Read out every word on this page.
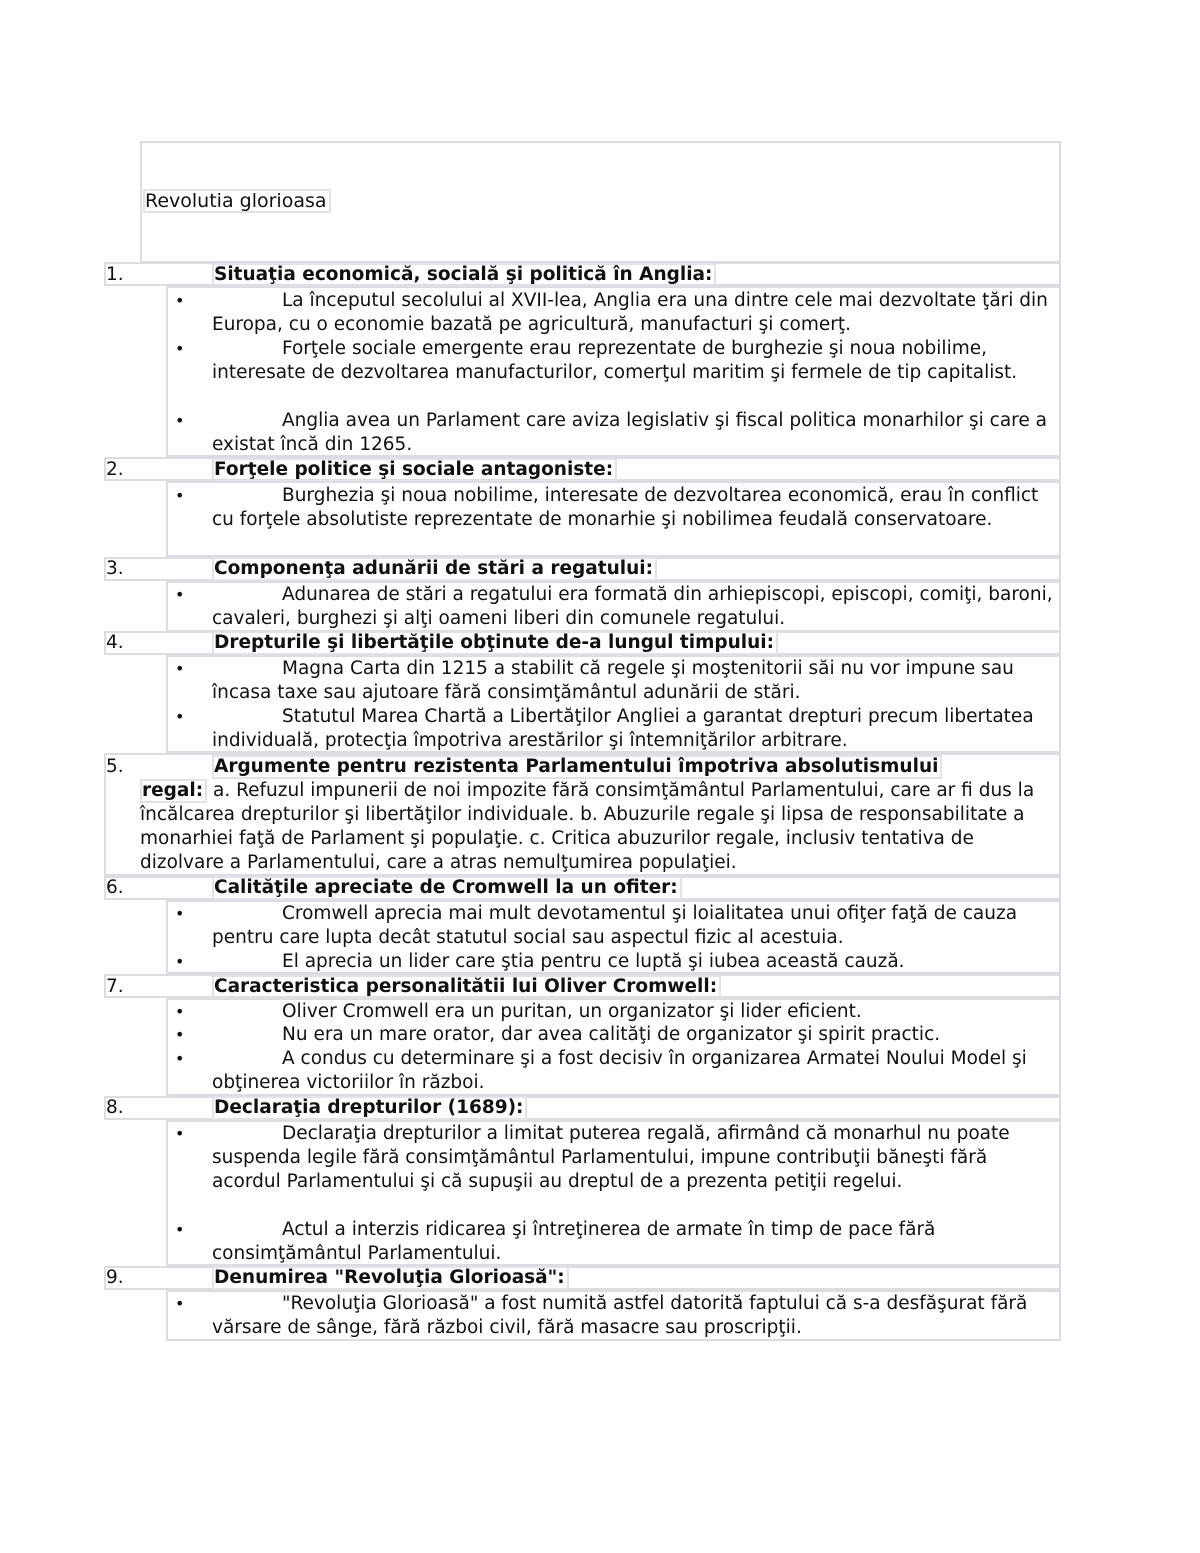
Revolutia glorioasa
1.	Situaţia economică, socială şi politică în Anglia:
•	La începutul secolului al XVII-lea, Anglia era una dintre cele mai dezvoltate ţări din Europa, cu o economie bazată pe agricultură, manufacturi şi comerţ.
•	Forţele sociale emergente erau reprezentate de burghezie şi noua nobilime, interesate de dezvoltarea manufacturilor, comerţul maritim şi fermele de tip capitalist.
•	Anglia avea un Parlament care aviza legislativ şi fiscal politica monarhilor şi care a existat încă din 1265.
2.	Forţele politice şi sociale antagoniste:
•	Burghezia şi noua nobilime, interesate de dezvoltarea economică, erau în conflict cu forţele absolutiste reprezentate de monarhie şi nobilimea feudală conservatoare.
3.	Componenţa adunării de stări a regatului:
•	Adunarea de stări a regatului era formată din arhiepiscopi, episcopi, comiţi, baroni, cavaleri, burghezi şi alţi oameni liberi din comunele regatului.
4.	Drepturile şi libertăţile obţinute de-a lungul timpului:
•	Magna Carta din 1215 a stabilit că regele şi moştenitorii săi nu vor impune sau încasa taxe sau ajutoare fără consimţământul adunării de stări.
•	Statutul Marea Chartă a Libertăţilor Angliei a garantat drepturi precum libertatea individuală, protecţia împotriva arestărilor şi întemniţărilor arbitrare.
5.	Argumente pentru rezistenta Parlamentului împotriva absolutismului
regal: a. Refuzul impunerii de noi impozite fără consimţământul Parlamentului, care ar fi dus la încălcarea drepturilor şi libertăţilor individuale. b. Abuzurile regale şi lipsa de responsabilitate a monarhiei faţă de Parlament şi populaţie. c. Critica abuzurilor regale, inclusiv tentativa de dizolvare a Parlamentului, care a atras nemulţumirea populaţiei.
6.	Calităţile apreciate de Cromwell la un ofiter:
•	Cromwell aprecia mai mult devotamentul şi loialitatea unui ofiţer faţă de cauza pentru care lupta decât statutul social sau aspectul fizic al acestuia.
•	El aprecia un lider care ştia pentru ce luptă şi iubea această cauză.
7.	Caracteristica personalitătii lui Oliver Cromwell:
•	Oliver Cromwell era un puritan, un organizator şi lider eficient.
•	Nu era un mare orator, dar avea calităţi de organizator şi spirit practic.
•	A condus cu determinare şi a fost decisiv în organizarea Armatei Noului Model şi obţinerea victoriilor în război.
8.	Declaraţia drepturilor (1689):
•	Declaraţia drepturilor a limitat puterea regală, afirmând că monarhul nu poate suspenda legile fără consimţământul Parlamentului, impune contribuţii băneşti fără acordul Parlamentului şi că supuşii au dreptul de a prezenta petiţii regelui.
•	Actul a interzis ridicarea şi întreţinerea de armate în timp de pace fără consimţământul Parlamentului.
9.	Denumirea "Revoluţia Glorioasă":
•	"Revoluţia Glorioasă" a fost numită astfel datorită faptului că s-a desfăşurat fără vărsare de sânge, fără război civil, fără masacre sau proscripţii.
